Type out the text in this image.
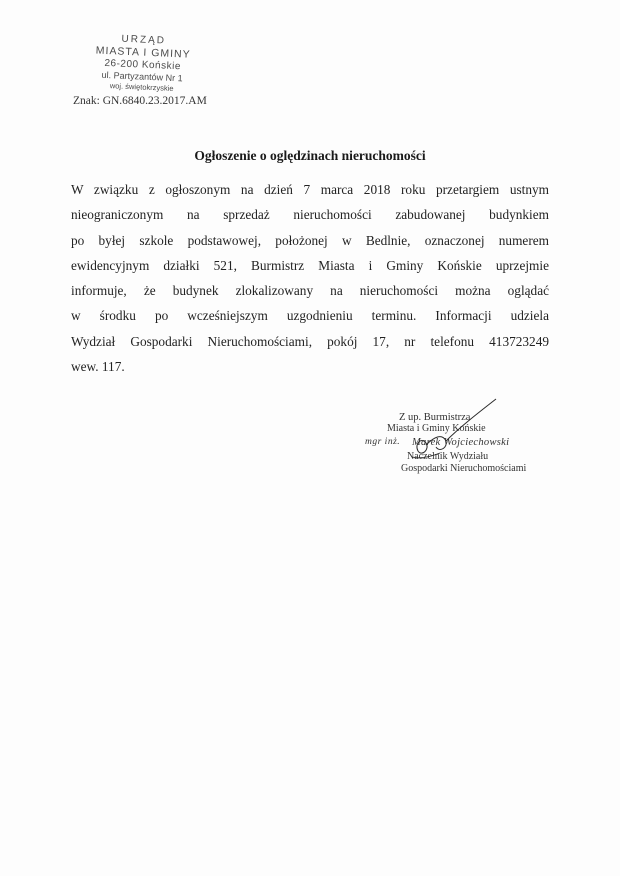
URZĄD
MIASTA I GMINY
26-200 Końskie
ul. Partyzantów Nr 1
woj. świętokrzyskie
Znak: GN.6840.23.2017.AM
Ogłoszenie o oględzinach nieruchomości
W związku z ogłoszonym na dzień 7 marca 2018 roku przetargiem ustnym
nieograniczonym na sprzedaż nieruchomości zabudowanej budynkiem
po byłej szkole podstawowej, położonej w Bedlnie, oznaczonej numerem
ewidencyjnym działki 521, Burmistrz Miasta i Gminy Końskie uprzejmie
informuje, że budynek zlokalizowany na nieruchomości można oglądać
w środku po wcześniejszym uzgodnieniu terminu. Informacji udziela
Wydział Gospodarki Nieruchomościami, pokój 17, nr telefonu 413723249
wew. 117.
Z up. Burmistrza
Miasta i Gminy Końskie
mgr inż. Marek Wojciechowski
Naczelnik Wydziału
Gospodarki Nieruchomościami
